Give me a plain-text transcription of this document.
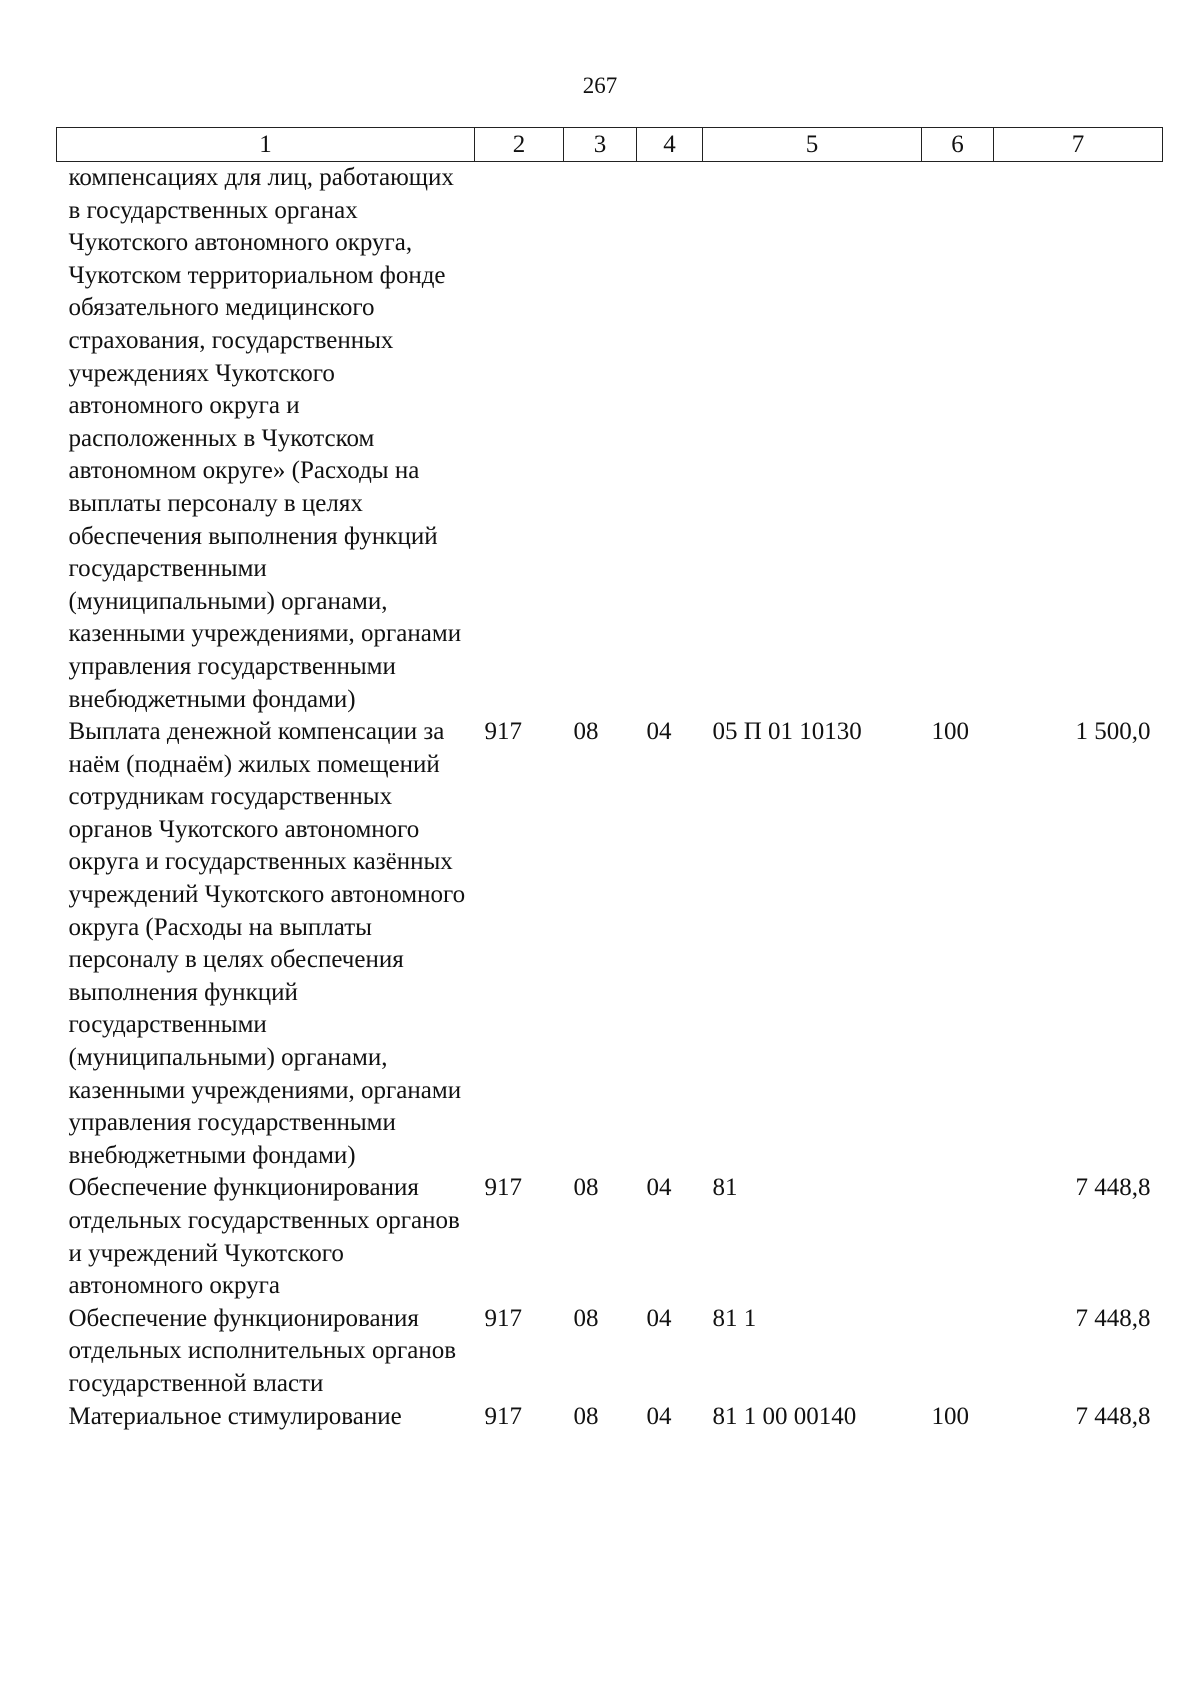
267
1	2	3	4	5	6	7
компенсациях для лиц, работающих в государственных органах Чукотского автономного округа, Чукотском территориальном фонде обязательного медицинского страхования, государственных учреждениях Чукотского автономного округа и расположенных в Чукотском автономном округе» (Расходы на выплаты персоналу в целях обеспечения выполнения функций государственными (муниципальными) органами, казенными учреждениями, органами управления государственными внебюджетными фондами)						
Выплата денежной компенсации за наём (поднаём) жилых помещений сотрудникам государственных органов Чукотского автономного округа и государственных казённых учреждений Чукотского автономного округа (Расходы на выплаты персоналу в целях обеспечения выполнения функций государственными (муниципальными) органами, казенными учреждениями, органами управления государственными внебюджетными фондами)	917	08	04	05 П 01 10130	100	1 500,0
Обеспечение функционирования отдельных государственных органов и учреждений Чукотского автономного округа	917	08	04	81		7 448,8
Обеспечение функционирования отдельных исполнительных органов государственной власти	917	08	04	81 1		7 448,8
Материальное стимулирование	917	08	04	81 1 00 00140	100	7 448,8
